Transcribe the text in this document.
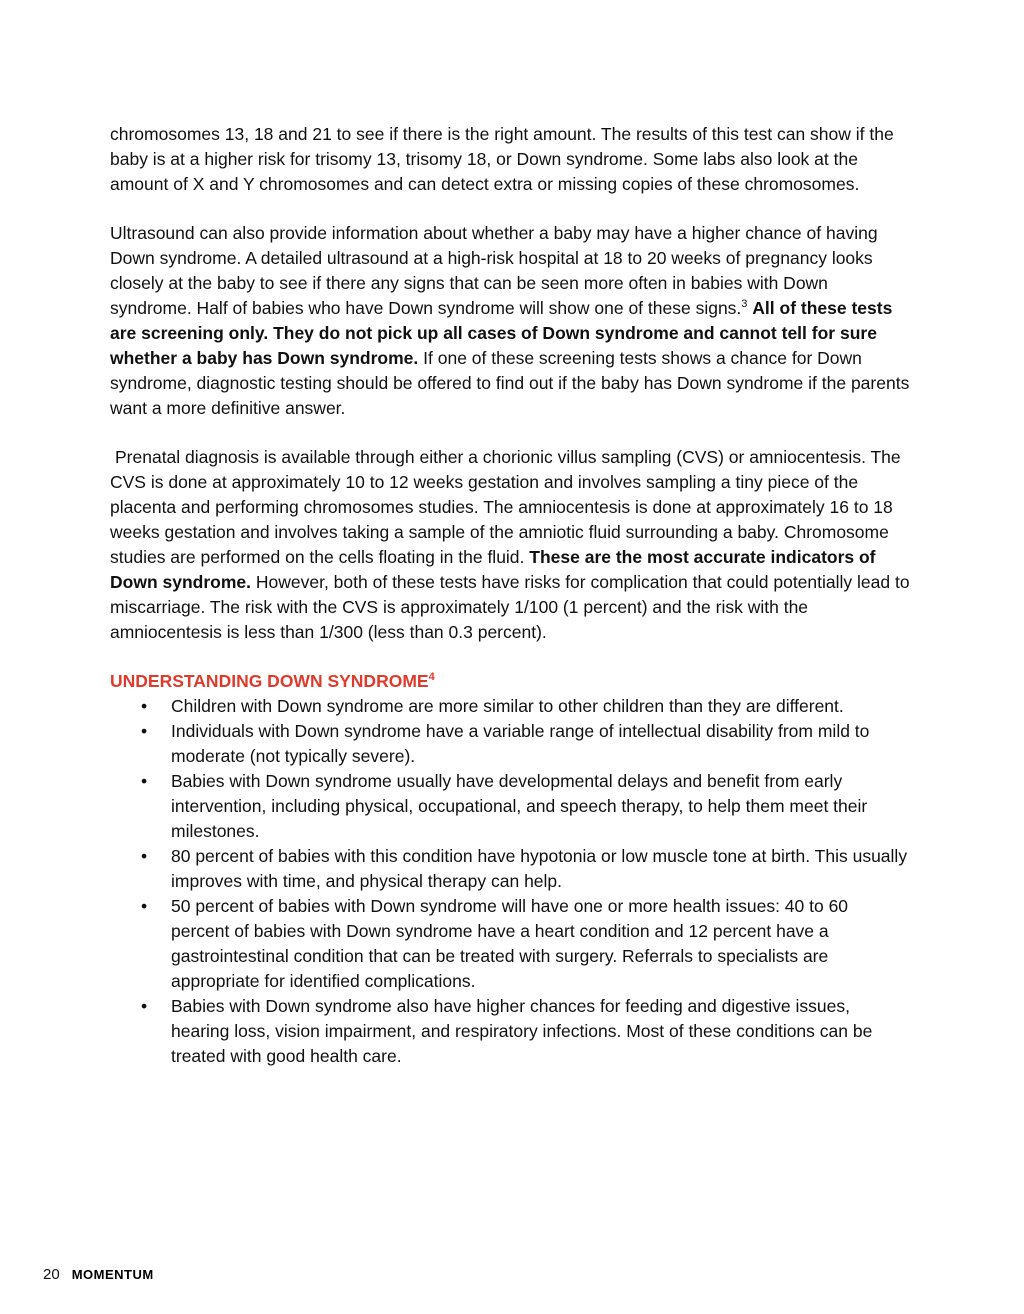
chromosomes 13, 18 and 21 to see if there is the right amount. The results of this test can show if the baby is at a higher risk for trisomy 13, trisomy 18, or Down syndrome. Some labs also look at the amount of X and Y chromosomes and can detect extra or missing copies of these chromosomes.

Ultrasound can also provide information about whether a baby may have a higher chance of having Down syndrome. A detailed ultrasound at a high-risk hospital at 18 to 20 weeks of pregnancy looks closely at the baby to see if there any signs that can be seen more often in babies with Down syndrome. Half of babies who have Down syndrome will show one of these signs.$^3$ All of these tests are screening only. They do not pick up all cases of Down syndrome and cannot tell for sure whether a baby has Down syndrome. If one of these screening tests shows a chance for Down syndrome, diagnostic testing should be offered to find out if the baby has Down syndrome if the parents want a more definitive answer.

Prenatal diagnosis is available through either a chorionic villus sampling (CVS) or amniocentesis. The CVS is done at approximately 10 to 12 weeks gestation and involves sampling a tiny piece of the placenta and performing chromosomes studies. The amniocentesis is done at approximately 16 to 18 weeks gestation and involves taking a sample of the amniotic fluid surrounding a baby. Chromosome studies are performed on the cells floating in the fluid. These are the most accurate indicators of Down syndrome. However, both of these tests have risks for complication that could potentially lead to miscarriage. The risk with the CVS is approximately 1/100 (1 percent) and the risk with the amniocentesis is less than 1/300 (less than 0.3 percent).

UNDERSTANDING DOWN SYNDROME$^4$
• Children with Down syndrome are more similar to other children than they are different.
• Individuals with Down syndrome have a variable range of intellectual disability from mild to moderate (not typically severe).
• Babies with Down syndrome usually have developmental delays and benefit from early intervention, including physical, occupational, and speech therapy, to help them meet their milestones.
• 80 percent of babies with this condition have hypotonia or low muscle tone at birth. This usually improves with time, and physical therapy can help.
• 50 percent of babies with Down syndrome will have one or more health issues: 40 to 60 percent of babies with Down syndrome have a heart condition and 12 percent have a gastrointestinal condition that can be treated with surgery. Referrals to specialists are appropriate for identified complications.
• Babies with Down syndrome also have higher chances for feeding and digestive issues, hearing loss, vision impairment, and respiratory infections. Most of these conditions can be treated with good health care.
20 MOMENTUM
